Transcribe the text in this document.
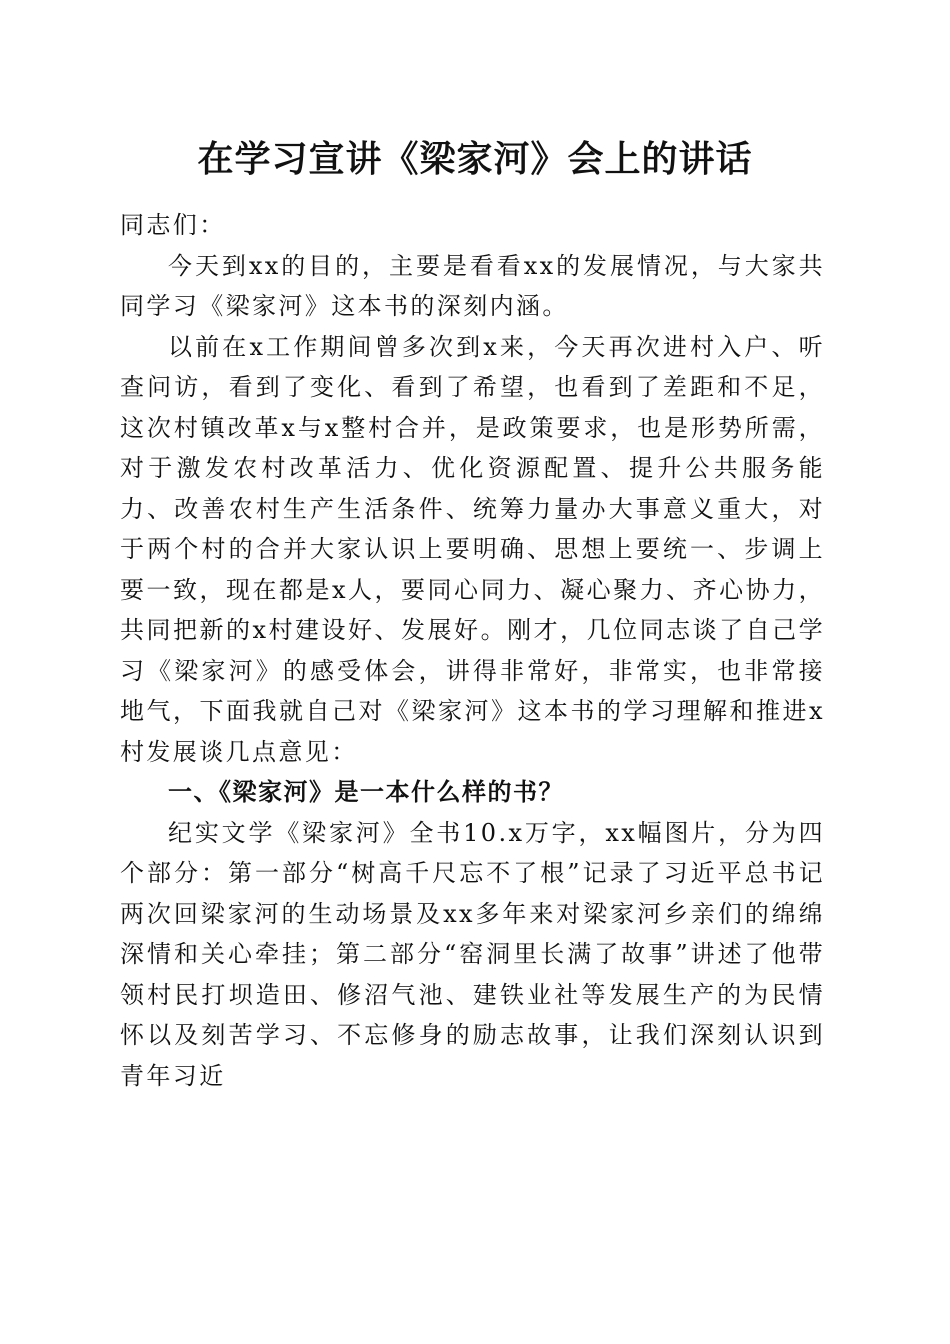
在学习宣讲《梁家河》会上的讲话

同志们：

今天到xx的目的，主要是看看xx的发展情况，与大家共同学习《梁家河》这本书的深刻内涵。

以前在x工作期间曾多次到x来，今天再次进村入户、听查问访，看到了变化、看到了希望，也看到了差距和不足，这次村镇改革x与x整村合并，是政策要求，也是形势所需，对于激发农村改革活力、优化资源配置、提升公共服务能力、改善农村生产生活条件、统筹力量办大事意义重大，对于两个村的合并大家认识上要明确、思想上要统一、步调上要一致，现在都是x人，要同心同力、凝心聚力、齐心协力，共同把新的x村建设好、发展好。刚才，几位同志谈了自己学习《梁家河》的感受体会，讲得非常好，非常实，也非常接地气，下面我就自己对《梁家河》这本书的学习理解和推进x村发展谈几点意见：

一、《梁家河》是一本什么样的书？

纪实文学《梁家河》全书10.x万字，xx幅图片，分为四个部分：第一部分“树高千尺忘不了根”记录了习近平总书记两次回梁家河的生动场景及xx多年来对梁家河乡亲们的绵绵深情和关心牵挂；第二部分“窑洞里长满了故事”讲述了他带领村民打坝造田、修沼气池、建铁业社等发展生产的为民情怀以及刻苦学习、不忘修身的励志故事，让我们深刻认识到青年习近
